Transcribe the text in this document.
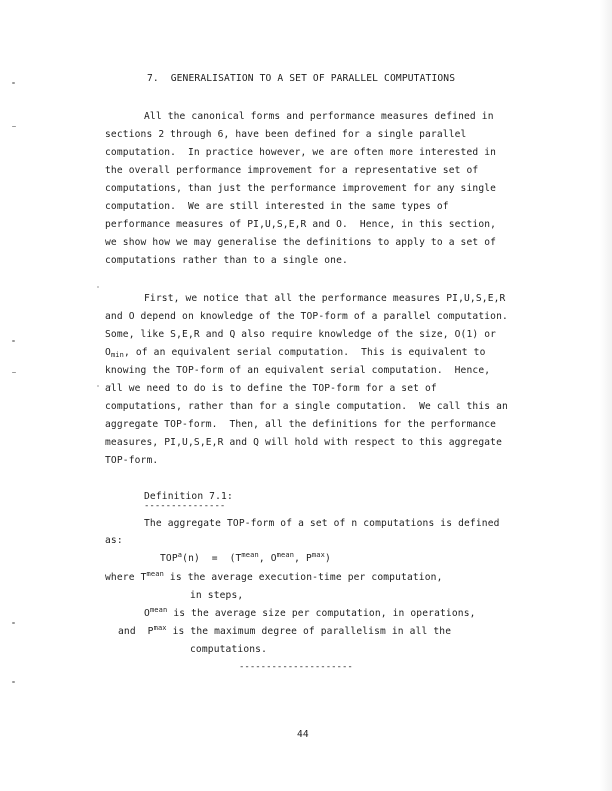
7.  GENERALISATION TO A SET OF PARALLEL COMPUTATIONS
All the canonical forms and performance measures defined in
sections 2 through 6, have been defined for a single parallel
computation.  In practice however, we are often more interested in
the overall performance improvement for a representative set of
computations, than just the performance improvement for any single
computation.  We are still interested in the same types of
performance measures of PI,U,S,E,R and O.  Hence, in this section,
we show how we may generalise the definitions to apply to a set of
computations rather than to a single one.
First, we notice that all the performance measures PI,U,S,E,R
and O depend on knowledge of the TOP-form of a parallel computation.
Some, like S,E,R and Q also require knowledge of the size, O(1) or
$O_{min}$, of an equivalent serial computation.  This is equivalent to
knowing the TOP-form of an equivalent serial computation.  Hence,
all we need to do is to define the TOP-form for a set of
computations, rather than for a single computation.  We call this an
aggregate TOP-form.  Then, all the definitions for the performance
measures, PI,U,S,E,R and Q will hold with respect to this aggregate
TOP-form.
Definition 7.1:
---------------
The aggregate TOP-form of a set of n computations is defined
as:
$TOP^a(n) = (T^{mean}$, $O^{mean}$, $P^{max}$)
where $T^{mean}$ is the average execution-time per computation,
in steps,
$O^{mean}$ is the average size per computation, in operations,
and $P^{max}$ is the maximum degree of parallelism in all the
computations.
---------------------
44
